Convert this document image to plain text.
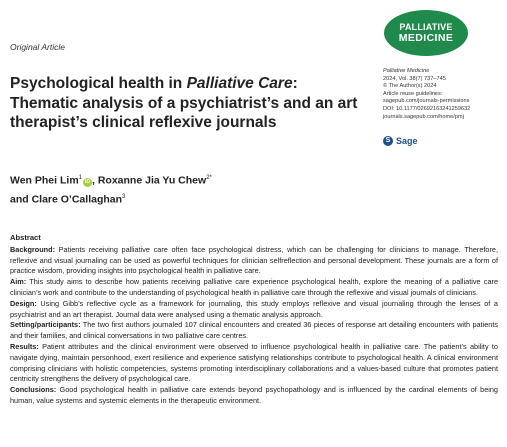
PALLIATIVE
MEDICINE
Original Article
Psychological health in Palliative Care: Thematic analysis of a psychiatrist’s and an art therapist’s clinical reflexive journals
Palliative Medicine
2024, Vol. 38(7) 737–745
© The Author(s) 2024
Article reuse guidelines:
sagepub.com/journals-permissions
DOI: 10.1177/02692163241259632
journals.sagepub.com/home/pmj
S Sage
Wen Phei Lim$^1$iD , Roxanne Jia Yu Chew$^{2*}$
and Clare O’Callaghan$^3$
Abstract

Background: Patients receiving palliative care often face psychological distress, which can be challenging for clinicians to manage. Therefore, reflexive and visual journaling can be used as powerful techniques for clinician selfreflection and personal development. These journals are a form of practice wisdom, providing insights into psychological health in palliative care.

Aim: This study aims to describe how patients receiving palliative care experience psychological health, explore the meaning of a palliative care clinician’s work and contribute to the understanding of psychological health in palliative care through the reflexive and visual journals of clinicians.

Design: Using Gibb’s reflective cycle as a framework for journaling, this study employs reflexive and visual journaling through the lenses of a psychiatrist and an art therapist. Journal data were analysed using a thematic analysis approach.

Setting/participants: The two first authors journaled 107 clinical encounters and created 36 pieces of response art detailing encounters with patients and their families, and clinical conversations in two palliative care centres.

Results: Patient attributes and the clinical environment were observed to influence psychological health in palliative care. The patient’s ability to navigate dying, maintain personhood, exert resilience and experience satisfying relationships contribute to psychological health. A clinical environment comprising clinicians with holistic competencies, systems promoting interdisciplinary collaborations and a values-based culture that promotes patient centricity strengthens the delivery of psychological care.

Conclusions: Good psychological health in palliative care extends beyond psychopathology and is influenced by the cardinal elements of being human, value systems and systemic elements in the therapeutic environment.
